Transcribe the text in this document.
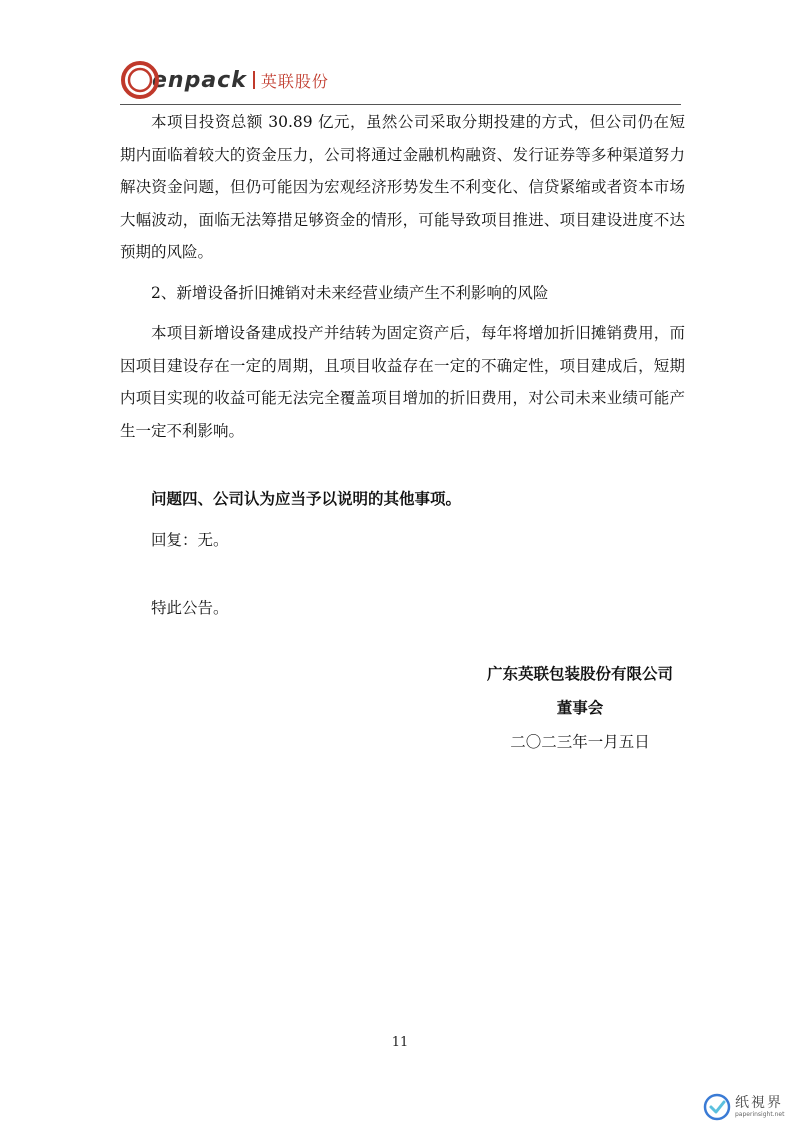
enpack 英联股份

本项目投资总额 30.89 亿元，虽然公司采取分期投建的方式，但公司仍在短期内面临着较大的资金压力，公司将通过金融机构融资、发行证券等多种渠道努力解决资金问题，但仍可能因为宏观经济形势发生不利变化、信贷紧缩或者资本市场大幅波动，面临无法筹措足够资金的情形，可能导致项目推进、项目建设进度不达预期的风险。

2、新增设备折旧摊销对未来经营业绩产生不利影响的风险

本项目新增设备建成投产并结转为固定资产后，每年将增加折旧摊销费用，而因项目建设存在一定的周期，且项目收益存在一定的不确定性，项目建成后，短期内项目实现的收益可能无法完全覆盖项目增加的折旧费用，对公司未来业绩可能产生一定不利影响。

问题四、公司认为应当予以说明的其他事项。

回复：无。

特此公告。

广东英联包装股份有限公司
董事会
二〇二三年一月五日
11
纸視界
paperinsight.net
